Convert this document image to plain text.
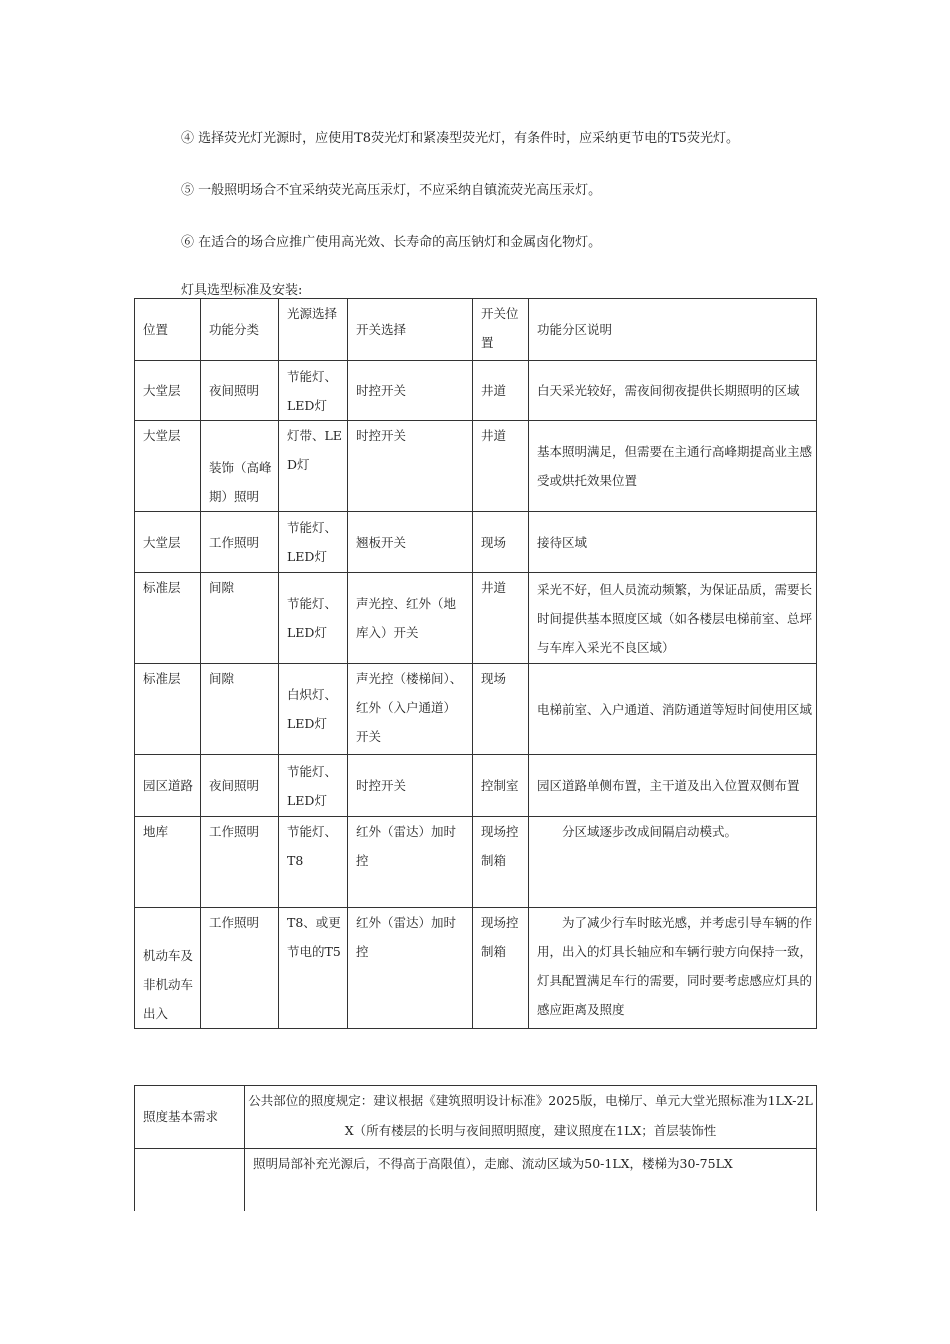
④ 选择荧光灯光源时，应使用T8荧光灯和紧凑型荧光灯，有条件时，应采纳更节电的T5荧光灯。
⑤ 一般照明场合不宜采纳荧光高压汞灯，不应采纳自镇流荧光高压汞灯。
⑥ 在适合的场合应推广使用高光效、长寿命的高压钠灯和金属卤化物灯。
灯具选型标准及安装:
位置	功能分类	光源选择	开关选择	开关位置	功能分区说明
大堂层	夜间照明	节能灯、LED灯	时控开关	井道	白天采光较好，需夜间彻夜提供长期照明的区域
大堂层	装饰（高峰期）照明	灯带、LED灯	时控开关	井道	基本照明满足，但需要在主通行高峰期提高业主感受或烘托效果位置
大堂层	工作照明	节能灯、LED灯	翘板开关	现场	接待区域
标准层	间隙	节能灯、LED灯	声光控、红外（地库入）开关	井道	采光不好，但人员流动频繁，为保证品质，需要长时间提供基本照度区域（如各楼层电梯前室、总坪与车库入采光不良区域）
标准层	间隙	白炽灯、LED灯	声光控（楼梯间）、红外（入户通道）开关	现场	电梯前室、入户通道、消防通道等短时间使用区域
园区道路	夜间照明	节能灯、LED灯	时控开关	控制室	园区道路单侧布置，主干道及出入位置双侧布置
地库	工作照明	节能灯、T8	红外（雷达）加时控	现场控制箱	分区域逐步改成间隔启动模式。
机动车及非机动车出入	工作照明	T8、或更节电的T5	红外（雷达）加时控	现场控制箱	为了减少行车时眩光感，并考虑引导车辆的作用，出入的灯具长轴应和车辆行驶方向保持一致，灯具配置满足车行的需要，同时要考虑感应灯具的感应距离及照度
照度基本需求	公共部位的照度规定：建议根据《建筑照明设计标准》2025版，电梯厅、单元大堂光照标准为1LX-2LX（所有楼层的长明与夜间照明照度，建议照度在1LX；首层装饰性
	照明局部补充光源后，不得高于高限值），走廊、流动区域为50-1LX，楼梯为30-75LX
